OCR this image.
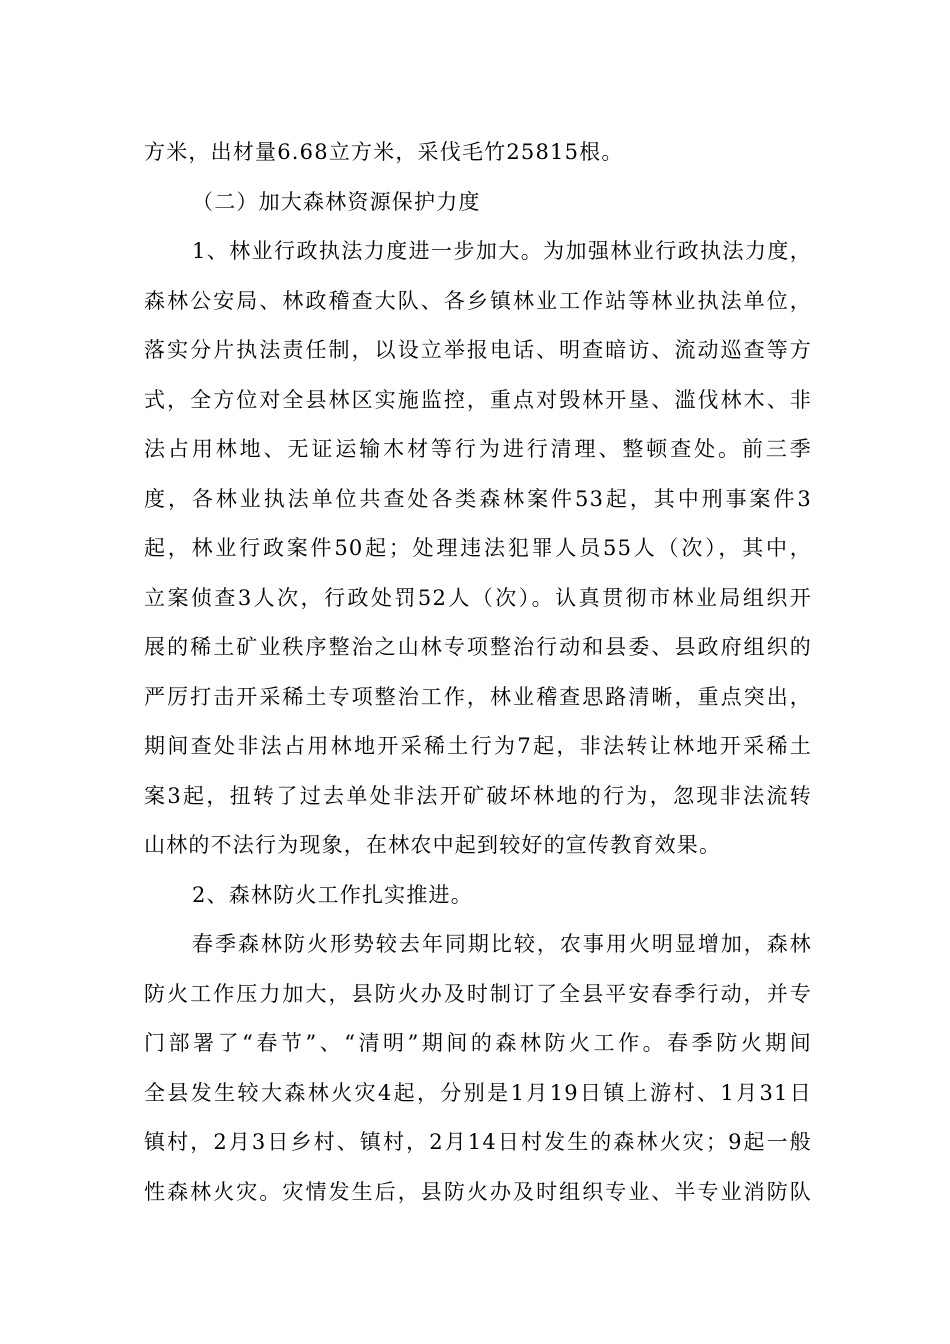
方米，出材量6.68立方米，采伐毛竹25815根。
（二）加大森林资源保护力度
1、林业行政执法力度进一步加大。为加强林业行政执法力度，
森林公安局、林政稽查大队、各乡镇林业工作站等林业执法单位，
落实分片执法责任制，以设立举报电话、明查暗访、流动巡查等方
式，全方位对全县林区实施监控，重点对毁林开垦、滥伐林木、非
法占用林地、无证运输木材等行为进行清理、整顿查处。前三季
度，各林业执法单位共查处各类森林案件53起，其中刑事案件3
起，林业行政案件50起；处理违法犯罪人员55人（次），其中，
立案侦查3人次，行政处罚52人（次）。认真贯彻市林业局组织开
展的稀土矿业秩序整治之山林专项整治行动和县委、县政府组织的
严厉打击开采稀土专项整治工作，林业稽查思路清晰，重点突出，
期间查处非法占用林地开采稀土行为7起，非法转让林地开采稀土
案3起，扭转了过去单处非法开矿破坏林地的行为，忽现非法流转
山林的不法行为现象，在林农中起到较好的宣传教育效果。
2、森林防火工作扎实推进。
春季森林防火形势较去年同期比较，农事用火明显增加，森林
防火工作压力加大，县防火办及时制订了全县平安春季行动，并专
门部署了“春节”、“清明”期间的森林防火工作。春季防火期间
全县发生较大森林火灾4起，分别是1月19日镇上游村、1月31日
镇村，2月3日乡村、镇村，2月14日村发生的森林火灾；9起一般
性森林火灾。灾情发生后，县防火办及时组织专业、半专业消防队
